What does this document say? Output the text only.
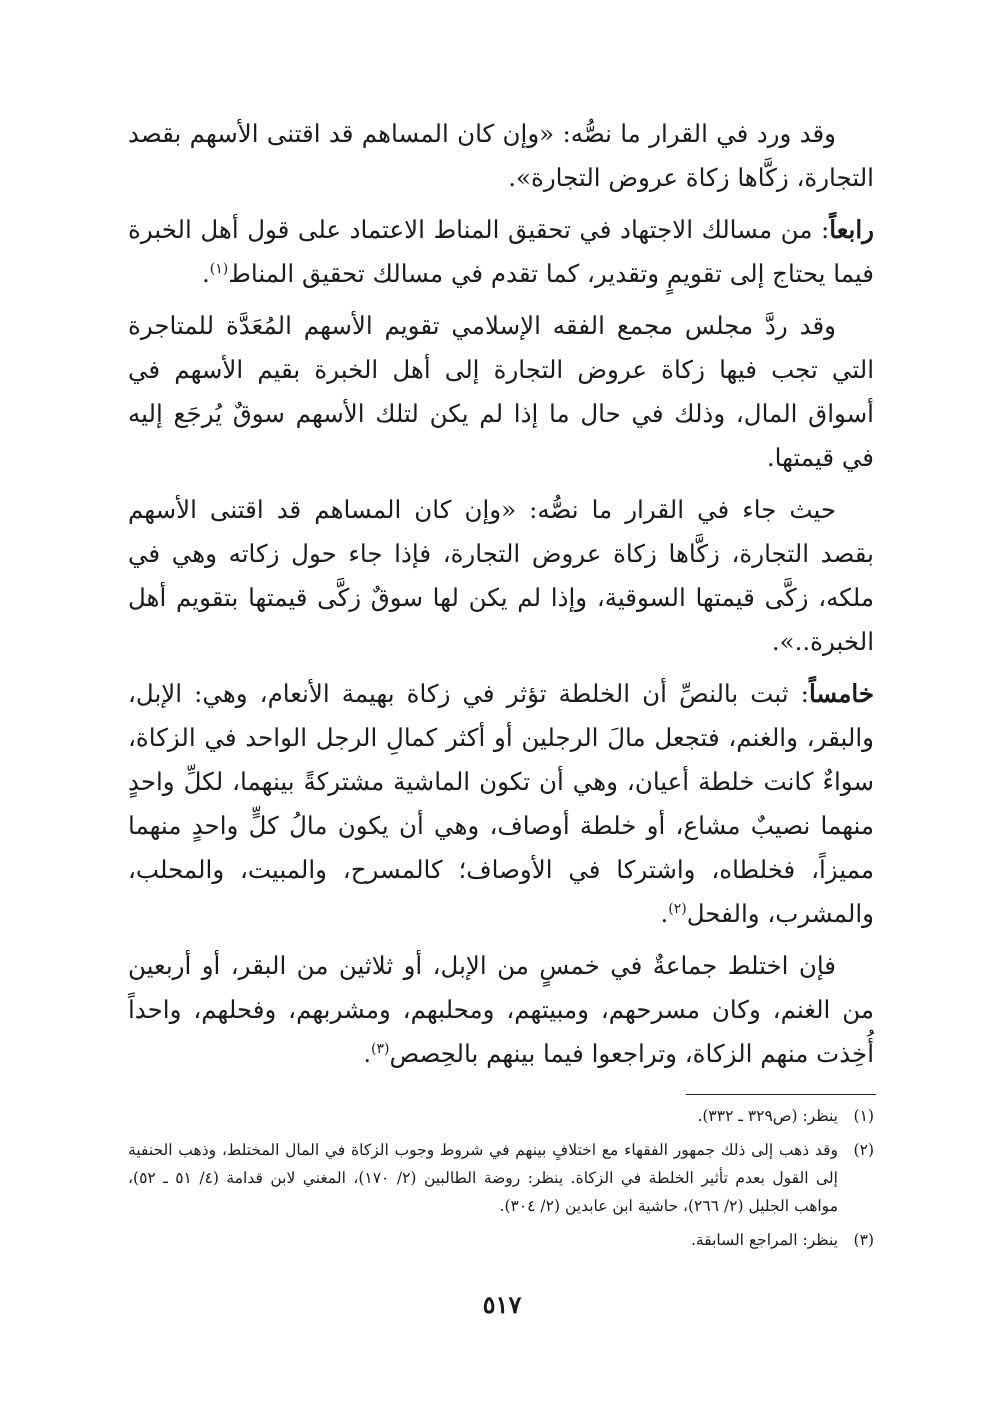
وقد ورد في القرار ما نصُّه: «وإن كان المساهم قد اقتنى الأسهم بقصد التجارة، زكَّاها زكاة عروض التجارة».

رابعاً: من مسالك الاجتهاد في تحقيق المناط الاعتماد على قول أهل الخبرة فيما يحتاج إلى تقويمٍ وتقدير، كما تقدم في مسالك تحقيق المناط$^{(١)}$.

وقد ردَّ مجلس مجمع الفقه الإسلامي تقويم الأسهم المُعَدَّة للمتاجرة التي تجب فيها زكاة عروض التجارة إلى أهل الخبرة بقيم الأسهم في أسواق المال، وذلك في حال ما إذا لم يكن لتلك الأسهم سوقٌ يُرجَع إليه في قيمتها.

حيث جاء في القرار ما نصُّه: «وإن كان المساهم قد اقتنى الأسهم بقصد التجارة، زكَّاها زكاة عروض التجارة، فإذا جاء حول زكاته وهي في ملكه، زكَّى قيمتها السوقية، وإذا لم يكن لها سوقٌ زكَّى قيمتها بتقويم أهل الخبرة..».

خامساً: ثبت بالنصِّ أن الخلطة تؤثر في زكاة بهيمة الأنعام، وهي: الإبل، والبقر، والغنم، فتجعل مالَ الرجلين أو أكثر كمالِ الرجل الواحد في الزكاة، سواءٌ كانت خلطة أعيان، وهي أن تكون الماشية مشتركةً بينهما، لكلِّ واحدٍ منهما نصيبٌ مشاع، أو خلطة أوصاف، وهي أن يكون مالُ كلٍّ واحدٍ منهما مميزاً، فخلطاه، واشتركا في الأوصاف؛ كالمسرح، والمبيت، والمحلب، والمشرب، والفحل$^{(٢)}$.

فإن اختلط جماعةٌ في خمسٍ من الإبل، أو ثلاثين من البقر، أو أربعين من الغنم، وكان مسرحهم، ومبيتهم، ومحلبهم، ومشربهم، وفحلهم، واحداً أُخِذت منهم الزكاة، وتراجعوا فيما بينهم بالحِصص$^{(٣)}$.

(١)
ينظر: (ص٣٢٩ ـ ٣٣٢).
(٢)
وقد ذهب إلى ذلك جمهور الفقهاء مع اختلافٍ بينهم في شروط وجوب الزكاة في المال المختلط، وذهب الحنفية إلى القول بعدم تأثير الخلطة في الزكاة. ينظر: روضة الطالبين (٢/ ١٧٠)، المغني لابن قدامة (٤/ ٥١ ـ ٥٢)، مواهب الجليل (٢/ ٢٦٦)، حاشية ابن عابدين (٢/ ٣٠٤).
(٣)
ينظر: المراجع السابقة.
٥١٧
